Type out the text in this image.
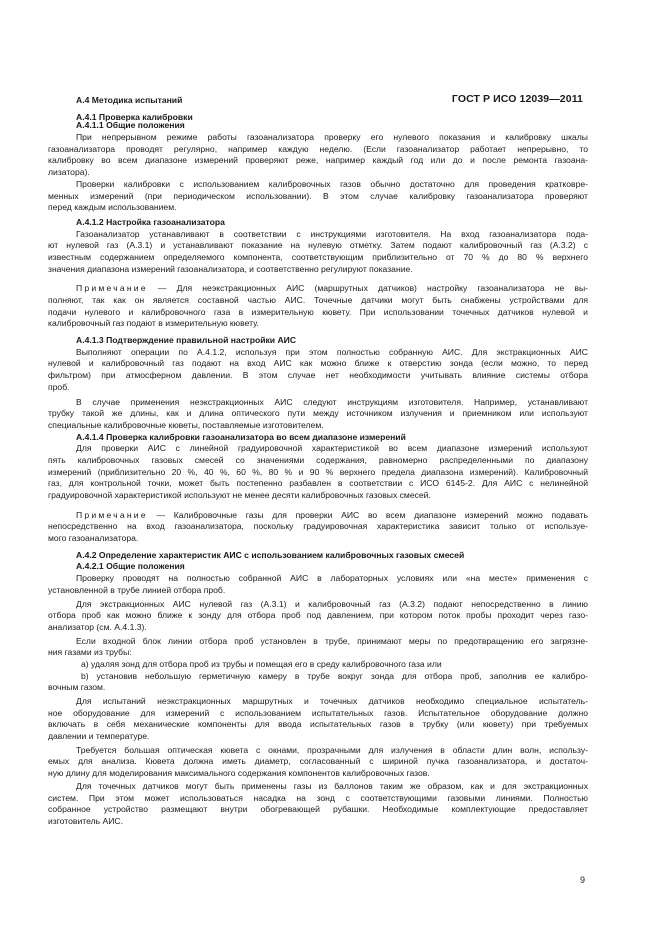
ГОСТ Р ИСО 12039—2011
А.4 Методика испытаний
А.4.1 Проверка калибровки
А.4.1.1 Общие положения
При непрерывном режиме работы газоанализатора проверку его нулевого показания и калибровку шкалы
газоанализатора проводят регулярно, например каждую неделю. (Если газоанализатор работает непрерывно, то
калибровку во всем диапазоне измерений проверяют реже, например каждый год или до и после ремонта газоана-
лизатора).
Проверки калибровки с использованием калибровочных газов обычно достаточно для проведения кратковре-
менных измерений (при периодическом использовании). В этом случае калибровку газоанализатора проверяют
перед каждым использованием.
А.4.1.2 Настройка газоанализатора
Газоанализатор устанавливают в соответствии с инструкциями изготовителя. На вход газоанализатора пода-
ют нулевой газ (А.3.1) и устанавливают показание на нулевую отметку. Затем подают калибровочный газ (А.3.2) с
известным содержанием определяемого компонента, соответствующим приблизительно от 70 % до 80 % верхнего
значения диапазона измерений газоанализатора, и соответственно регулируют показание.
Примечание — Для неэкстракционных АИС (маршрутных датчиков) настройку газоанализатора не вы-
полняют, так как он является составной частью АИС. Точечные датчики могут быть снабжены устройствами для
подачи нулевого и калибровочного газа в измерительную кювету. При использовании точечных датчиков нулевой и
калибровочный газ подают в измерительную кювету.
А.4.1.3 Подтверждение правильной настройки АИС
Выполняют операции по А.4.1.2, используя при этом полностью собранную АИС. Для экстракционных АИС
нулевой и калибровочный газ подают на вход АИС как можно ближе к отверстию зонда (если можно, то перед
фильтром) при атмосферном давлении. В этом случае нет необходимости учитывать влияние системы отбора
проб.
В случае применения неэкстракционных АИС следуют инструкциям изготовителя. Например, устанавливают
трубку такой же длины, как и длина оптического пути между источником излучения и приемником или используют
специальные калибровочные кюветы, поставляемые изготовителем.
А.4.1.4 Проверка калибровки газоанализатора во всем диапазоне измерений
Для проверки АИС с линейной градуировочной характеристикой во всем диапазоне измерений используют
пять калибровочных газовых смесей со значениями содержания, равномерно распределенными по диапазону
измерений (приблизительно 20 %, 40 %, 60 %, 80 % и 90 % верхнего предела диапазона измерений). Калибровочный
газ, для контрольной точки, может быть постепенно разбавлен в соответствии с ИСО 6145-2. Для АИС с нелинейной
градуировочной характеристикой используют не менее десяти калибровочных газовых смесей.
Примечание — Калибровочные газы для проверки АИС во всем диапазоне измерений можно подавать
непосредственно на вход газоанализатора, поскольку градуировочная характеристика зависит только от используе-
мого газоанализатора.
А.4.2 Определение характеристик АИС с использованием калибровочных газовых смесей
А.4.2.1 Общие положения
Проверку проводят на полностью собранной АИС в лабораторных условиях или «на месте» применения с
установленной в трубе линией отбора проб.
Для экстракционных АИС нулевой газ (А.3.1) и калибровочный газ (А.3.2) подают непосредственно в линию
отбора проб как можно ближе к зонду для отбора проб под давлением, при котором поток пробы проходит через газо-
анализатор (см. А.4.1.3).
Если входной блок линии отбора проб установлен в трубе, принимают меры по предотвращению его загрязне-
ния газами из трубы:
a) удаляя зонд для отбора проб из трубы и помещая его в среду калибровочного газа или
b) установив небольшую герметичную камеру в трубе вокруг зонда для отбора проб, заполнив ее калибро-
вочным газом.
Для испытаний неэкстракционных маршрутных и точечных датчиков необходимо специальное испытатель-
ное оборудование для измерений с использованием испытательных газов. Испытательное оборудование должно
включать в себя механические компоненты для ввода испытательных газов в трубку (или кювету) при требуемых
давлении и температуре.
Требуется большая оптическая кювета с окнами, прозрачными для излучения в области длин волн, использу-
емых для анализа. Кювета должна иметь диаметр, согласованный с шириной пучка газоанализатора, и достаточ-
ную длину для моделирования максимального содержания компонентов калибровочных газов.
Для точечных датчиков могут быть применены газы из баллонов таким же образом, как и для экстракционных
систем. При этом может использоваться насадка на зонд с соответствующими газовыми линиями. Полностью
собранное устройство размещают внутри обогревающей рубашки. Необходимые комплектующие предоставляет
изготовитель АИС.
9
